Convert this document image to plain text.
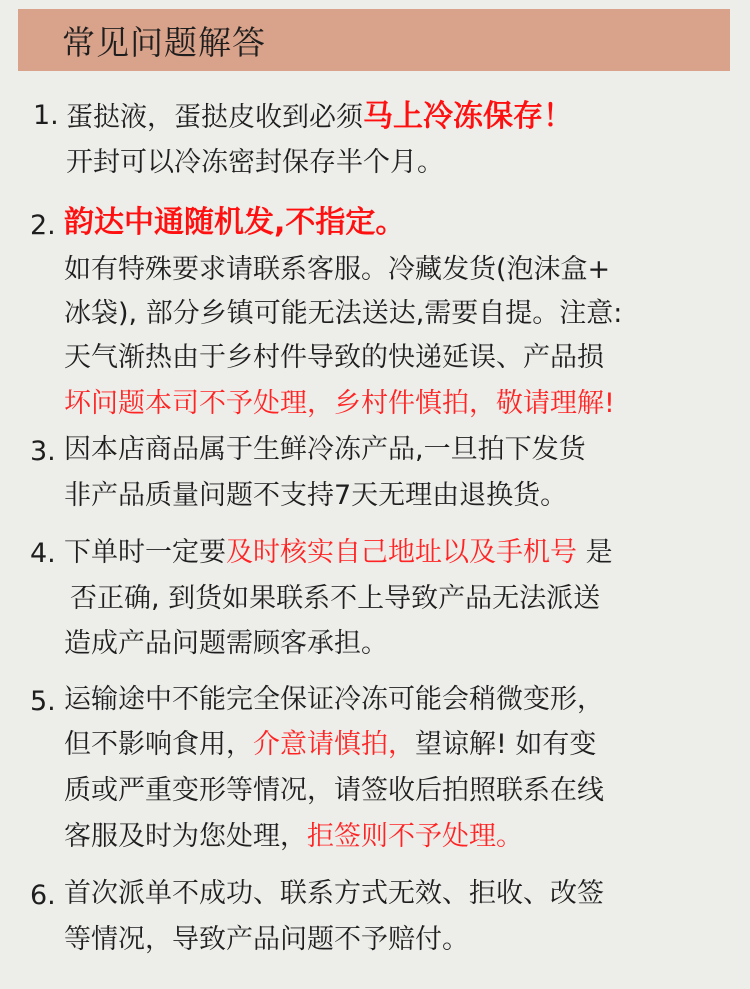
常见问题解答
1. 蛋挞液，蛋挞皮收到必须马上冷冻保存！
开封可以冷冻密封保存半个月。
2. 韵达中通随机发,不指定。
如有特殊要求请联系客服。冷藏发货(泡沫盒+
冰袋), 部分乡镇可能无法送达,需要自提。注意:
天气渐热由于乡村件导致的快递延误、产品损
坏问题本司不予处理，乡村件慎拍，敬请理解!
3. 因本店商品属于生鲜冷冻产品,一旦拍下发货
非产品质量问题不支持7天无理由退换货。
4. 下单时一定要及时核实自己地址以及手机号 是
否正确, 到货如果联系不上导致产品无法派送
造成产品问题需顾客承担。
5. 运输途中不能完全保证冷冻可能会稍微变形，
但不影响食用，介意请慎拍，望谅解! 如有变
质或严重变形等情况，请签收后拍照联系在线
客服及时为您处理，拒签则不予处理。
6. 首次派单不成功、联系方式无效、拒收、改签
等情况，导致产品问题不予赔付。
